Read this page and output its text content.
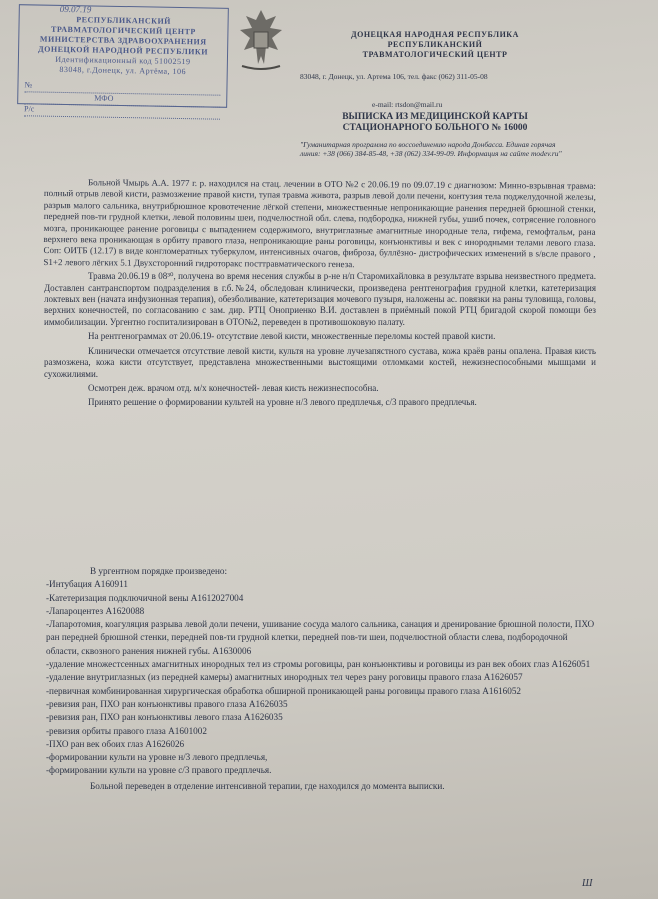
09.07.19
РЕСПУБЛИКАНСКИЙ
ТРАВМАТОЛОГИЧЕСКИЙ ЦЕНТР
МИНИСТЕРСТВА ЗДРАВООХРАНЕНИЯ
ДОНЕЦКОЙ НАРОДНОЙ РЕСПУБЛИКИ
Идентификационный код 51002519
83048, г.Донецк, ул. Артёма, 106
№
МФО
Р/с
ДОНЕЦКАЯ НАРОДНАЯ РЕСПУБЛИКА
РЕСПУБЛИКАНСКИЙ
ТРАВМАТОЛОГИЧЕСКИЙ ЦЕНТР
83048, г. Донецк, ул. Артема 106, тел. факс (062) 311-05-08
e-mail: rtsdon@mail.ru
ВЫПИСКА ИЗ МЕДИЦИНСКОЙ КАРТЫ
СТАЦИОНАРНОГО БОЛЬНОГО № 16000
"Гуманитарная программа по воссоединению народа Донбасса. Единая горячая линия: +38 (066) 384-85-48, +38 (062) 334-99-09. Информация на сайте modev.ru"

Больной Чмырь А.А. 1977 г. р. находился на стац. лечении в ОТО №2 с 20.06.19 по 09.07.19 с диагнозом: Минно-взрывная травма: полный отрыв левой кисти, размозжение правой кисти, тупая травма живота, разрыв левой доли печени, контузия тела поджелудочной железы, разрыв малого сальника, внутрибрюшное кровотечение лёгкой степени, множественные непроникающие ранения передней брюшной стенки, передней пов-ти грудной клетки, левой половины шеи, подчелюстной обл. слева, подбородка, нижней губы, ушиб почек, сотрясение головного мозга, проникающее ранение роговицы с выпадением содержимого, внутриглазные амагнитные инородные тела, гифема, гемофтальм, рана верхнего века проникающая в орбиту правого глаза, непроникающие раны роговицы, конъюнктивы и век с инородными телами левого глаза. Соп: ОИТБ (12.17) в виде конгломератных туберкулом, интенсивных очагов, фиброза, буллёзно- дистрофических изменений в s/всле правого , S1+2 левого лёгких 5.1 Двухсторонний гидроторакс посттравматического генеза.

Травма 20.06.19 в 08³⁰, получена во время несения службы в р-не н/п Старомихайловка в результате взрыва неизвестного предмета. Доставлен сантранспортом подразделения в г.б.№24, обследован клинически, произведена рентгенография грудной клетки, катетеризация локтевых вен (начата инфузионная терапия), обезболивание, катетеризация мочевого пузыря, наложены ас. повязки на раны туловища, головы, верхних конечностей, по согласованию с зам. дир. РТЦ Оноприенко В.И. доставлен в приёмный покой РТЦ бригадой скорой помощи без иммобилизации. Ургентно госпитализирован в ОТО№2, переведен в противошоковую палату.

На рентгенограммах от 20.06.19- отсутствие левой кисти, множественные переломы костей правой кисти.

Клинически отмечается отсутствие левой кисти, культя на уровне лучезапястного сустава, кожа краёв раны опалена. Правая кисть размозжена, кожа кисти отсутствует, представлена множественными выстоящими отломками костей, нежизнеспособными мышцами и сухожилиями.

Осмотрен деж. врачом отд. м/х конечностей- левая кисть нежизнеспособна.

Принято решение о формировании культей на уровне н/3 левого предплечья, с/3 правого предплечья.

В ургентном порядке произведено:
-Интубация А160911
-Катетеризация подключичной вены А1612027004
-Лапароцентез А1620088
-Лапаротомия, коагуляция разрыва левой доли печени, ушивание сосуда малого сальника, санация и дренирование брюшной полости, ПХО ран передней брюшной стенки, передней пов-ти грудной клетки, передней пов-ти шеи, подчелюстной области слева, подбородочной области, сквозного ранения нижней губы. А1630006
-удаление множестсенных амагнитных инородных тел из стромы роговицы, ран конъюнктивы и роговицы из ран век обоих глаз А1626051
-удаление внутриглазных (из передней камеры) амагнитных инородных тел через рану роговицы правого глаза А1626057
-первичная комбинированная хирургическая обработка обширной проникающей раны роговицы правого глаза А1616052
-ревизия ран, ПХО ран конъюнктивы правого глаза А1626035
-ревизия ран, ПХО ран конъюнктивы левого глаза А1626035
-ревизия орбиты правого глаза А1601002
-ПХО ран век обоих глаз А1626026
-формировании культи на уровне н/3 левого предплечья,
-формировании культи на уровне с/3 правого предплечья.
Больной переведен в отделение интенсивной терапии, где находился до момента выписки.
Ш
